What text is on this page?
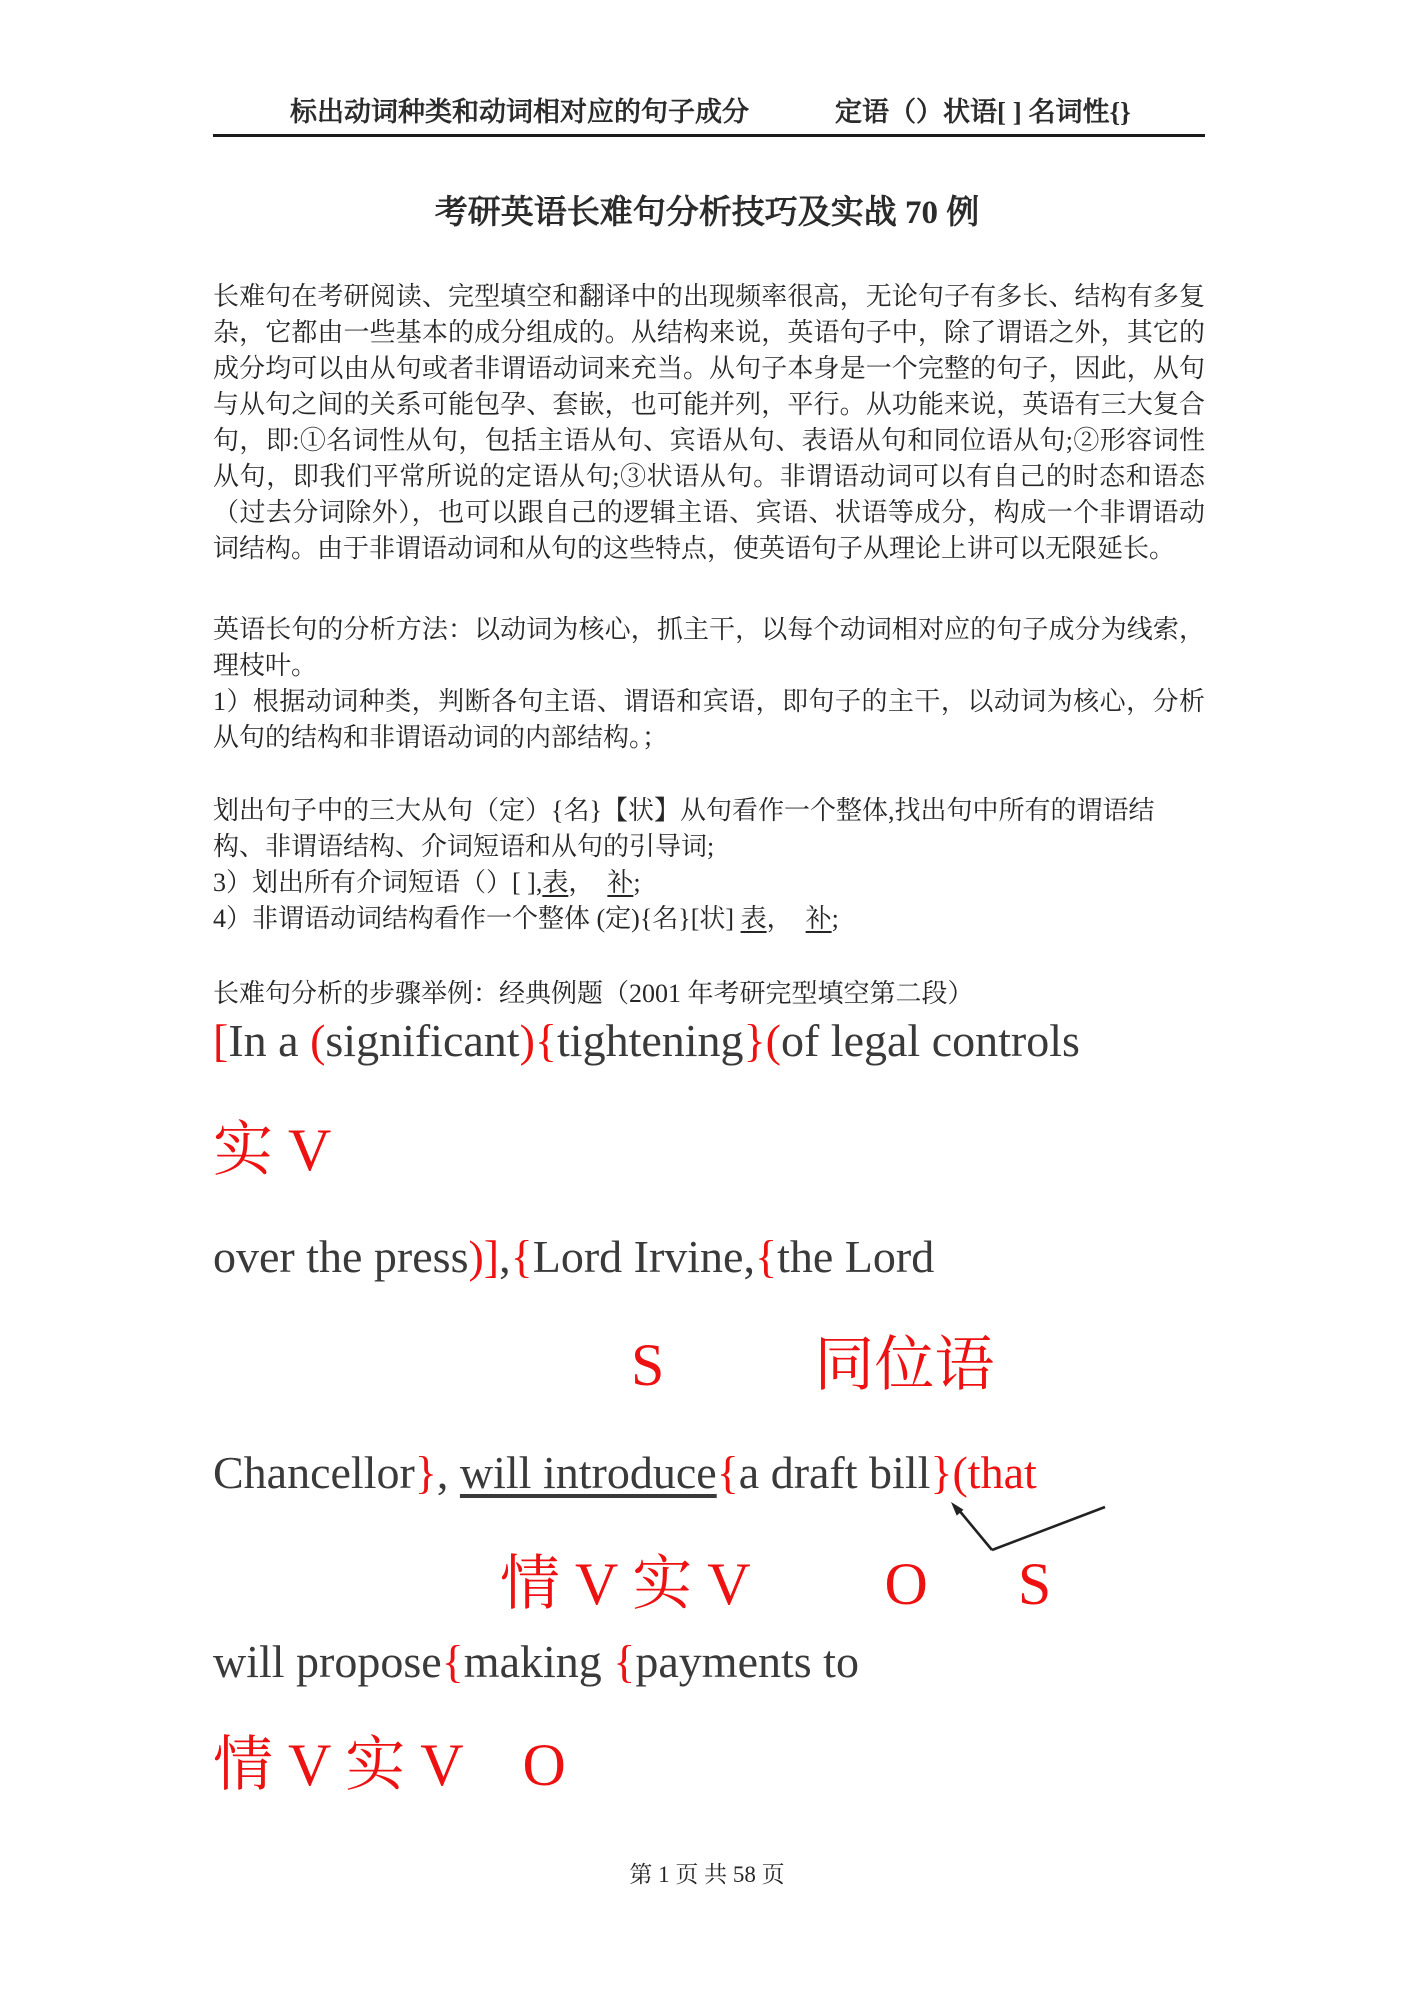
标出动词种类和动词相对应的句子成分	定语（）状语[ ] 名词性{}
考研英语长难句分析技巧及实战 70 例
长难句在考研阅读、完型填空和翻译中的出现频率很高，无论句子有多长、结构有多复杂，它都由一些基本的成分组成的。从结构来说，英语句子中，除了谓语之外，其它的成分均可以由从句或者非谓语动词来充当。从句子本身是一个完整的句子，因此，从句与从句之间的关系可能包孕、套嵌，也可能并列，平行。从功能来说，英语有三大复合句，即:①名词性从句，包括主语从句、宾语从句、表语从句和同位语从句;②形容词性从句，即我们平常所说的定语从句;③状语从句。非谓语动词可以有自己的时态和语态（过去分词除外），也可以跟自己的逻辑主语、宾语、状语等成分，构成一个非谓语动词结构。由于非谓语动词和从句的这些特点，使英语句子从理论上讲可以无限延长。

英语长句的分析方法：以动词为核心，抓主干，以每个动词相对应的句子成分为线索，理枝叶。

1）根据动词种类，判断各句主语、谓语和宾语，即句子的主干，以动词为核心，分析从句的结构和非谓语动词的内部结构。；

划出句子中的三大从句（定）{名}【状】从句看作一个整体,找出句中所有的谓语结构、非谓语结构、介词短语和从句的引导词;

3）划出所有介词短语（）[ ],表，　补;

4）非谓语动词结构看作一个整体 (定){名}[状] 表，　补;

长难句分析的步骤举例：经典例题（2001 年考研完型填空第二段）
[In a (significant){tightening}(of legal controls
实 V
over the press)],{Lord Irvine,{the Lord
S          同位语
Chancellor}, will introduce{a draft bill}(that
情 V 实 V         O      S
will propose{making {payments to
情 V 实 V    O
第 1 页 共 58 页
